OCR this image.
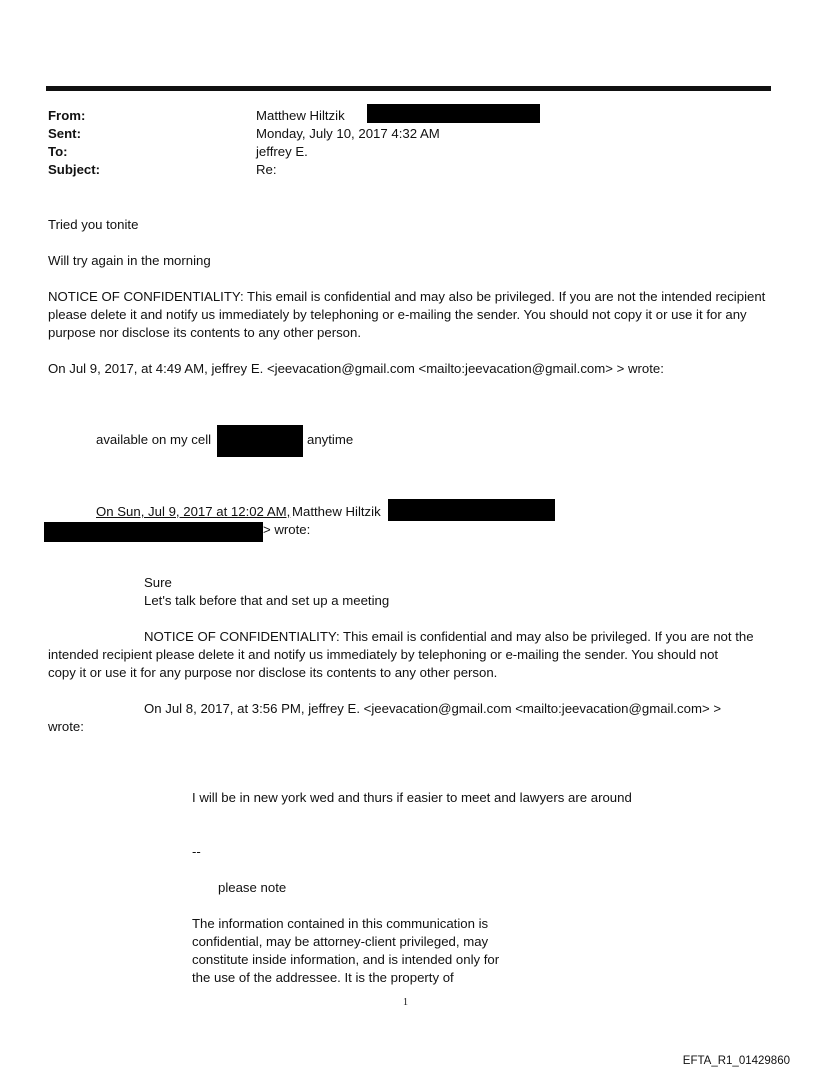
From:	Matthew Hiltzik
Sent:	Monday, July 10, 2017 4:32 AM
To:	jeffrey E.
Subject:	Re:
Tried you tonite
Will try again in the morning
NOTICE OF CONFIDENTIALITY: This email is confidential and may also be privileged. If you are not the intended recipient please delete it and notify us immediately by telephoning or e-mailing the sender. You should not copy it or use it for any purpose nor disclose its contents to any other person.
On Jul 9, 2017, at 4:49 AM, jeffrey E. <jeevacation@gmail.com <mailto:jeevacation@gmail.com> > wrote:
available on my cell	anytime
On Sun, Jul 9, 2017 at 12:02 AM, Matthew Hiltzik
> wrote:
Sure
Let's talk before that and set up a meeting
NOTICE OF CONFIDENTIALITY: This email is confidential and may also be privileged. If you are not the
intended recipient please delete it and notify us immediately by telephoning or e-mailing the sender. You should not
copy it or use it for any purpose nor disclose its contents to any other person.
On Jul 8, 2017, at 3:56 PM, jeffrey E. <jeevacation@gmail.com <mailto:jeevacation@gmail.com> >
wrote:
I will be in new york wed and thurs if easier to meet and lawyers are around
--
please note
The information contained in this communication is
confidential, may be attorney-client privileged, may
constitute inside information, and is intended only for
the use of the addressee. It is the property of
1
EFTA_R1_01429860
